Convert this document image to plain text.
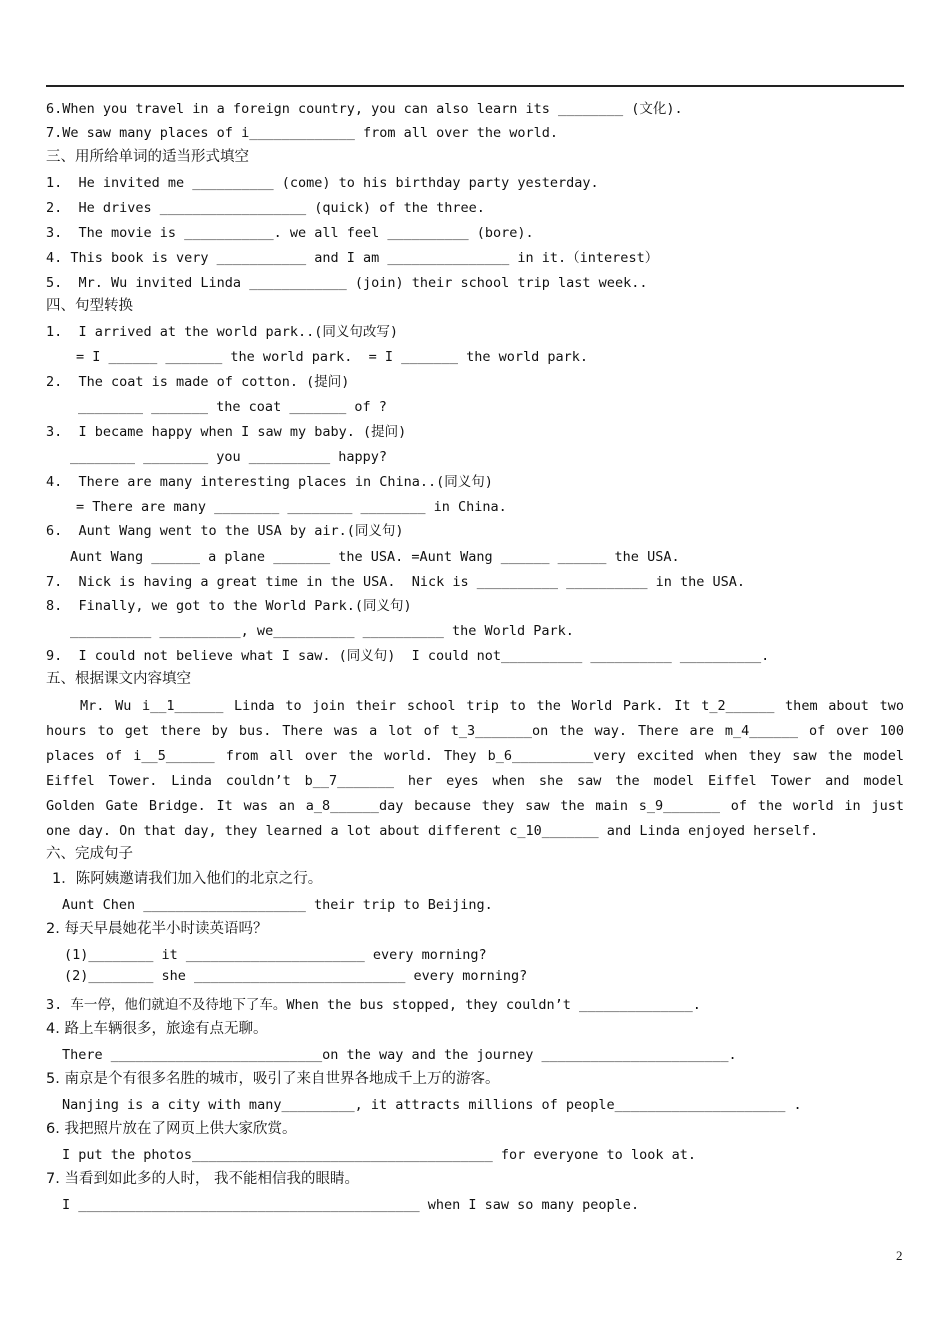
6.When you travel in a foreign country, you can also learn its ________ (文化).
7.We saw many places of i_____________ from all over the world.
三、用所给单词的适当形式填空
1.  He invited me __________ (come) to his birthday party yesterday.
2.  He drives __________________ (quick) of the three.
3.  The movie is ___________. we all feel __________ (bore).
4. This book is very ___________ and I am _______________ in it.（interest）
5.  Mr. Wu invited Linda ____________ (join) their school trip last week..
四、句型转换
1.  I arrived at the world park..(同义句改写)
= I ______ _______ the world park.  = I _______ the world park.
2.  The coat is made of cotton. (提问)
________ _______ the coat _______ of ?
3.  I became happy when I saw my baby. (提问)
________ ________ you __________ happy?
4.  There are many interesting places in China..(同义句)
= There are many ________ ________ ________ in China.
6.  Aunt Wang went to the USA by air.(同义句)
Aunt Wang ______ a plane _______ the USA. =Aunt Wang ______ ______ the USA.
7.  Nick is having a great time in the USA.  Nick is __________ __________ in the USA.
8.  Finally, we got to the World Park.(同义句)
__________ __________, we__________ __________ the World Park.
9.  I could not believe what I saw. (同义句)  I could not__________ __________ __________.
五、根据课文内容填空
Mr. Wu i__1______ Linda to join their school trip to the World Park. It t_2______ them about two
hours to get there by bus. There was a lot of t_3_______on the way. There are m_4______ of over 100
places of i__5______ from all over the world. They b_6__________very excited when they saw the model
Eiffel Tower. Linda couldn’t b__7_______ her eyes when she saw the model Eiffel Tower and model
Golden Gate Bridge. It was an a_8______day because they saw the main s_9_______ of the world in just
one day. On that day, they learned a lot about different c_10_______ and Linda enjoyed herself.
六、完成句子
1．陈阿姨邀请我们加入他们的北京之行。
Aunt Chen ____________________ their trip to Beijing.
2. 每天早晨她花半小时读英语吗？
(1)________ it ______________________ every morning?
(2)________ she __________________________ every morning?
3. 车一停，他们就迫不及待地下了车。When the bus stopped, they couldn’t ______________.
4. 路上车辆很多，旅途有点无聊。
There __________________________on the way and the journey _______________________.
5. 南京是个有很多名胜的城市，吸引了来自世界各地成千上万的游客。
Nanjing is a city with many_________, it attracts millions of people_____________________ .
6. 我把照片放在了网页上供大家欣赏。
I put the photos_____________________________________ for everyone to look at.
7. 当看到如此多的人时， 我不能相信我的眼睛。
I __________________________________________ when I saw so many people.
2
